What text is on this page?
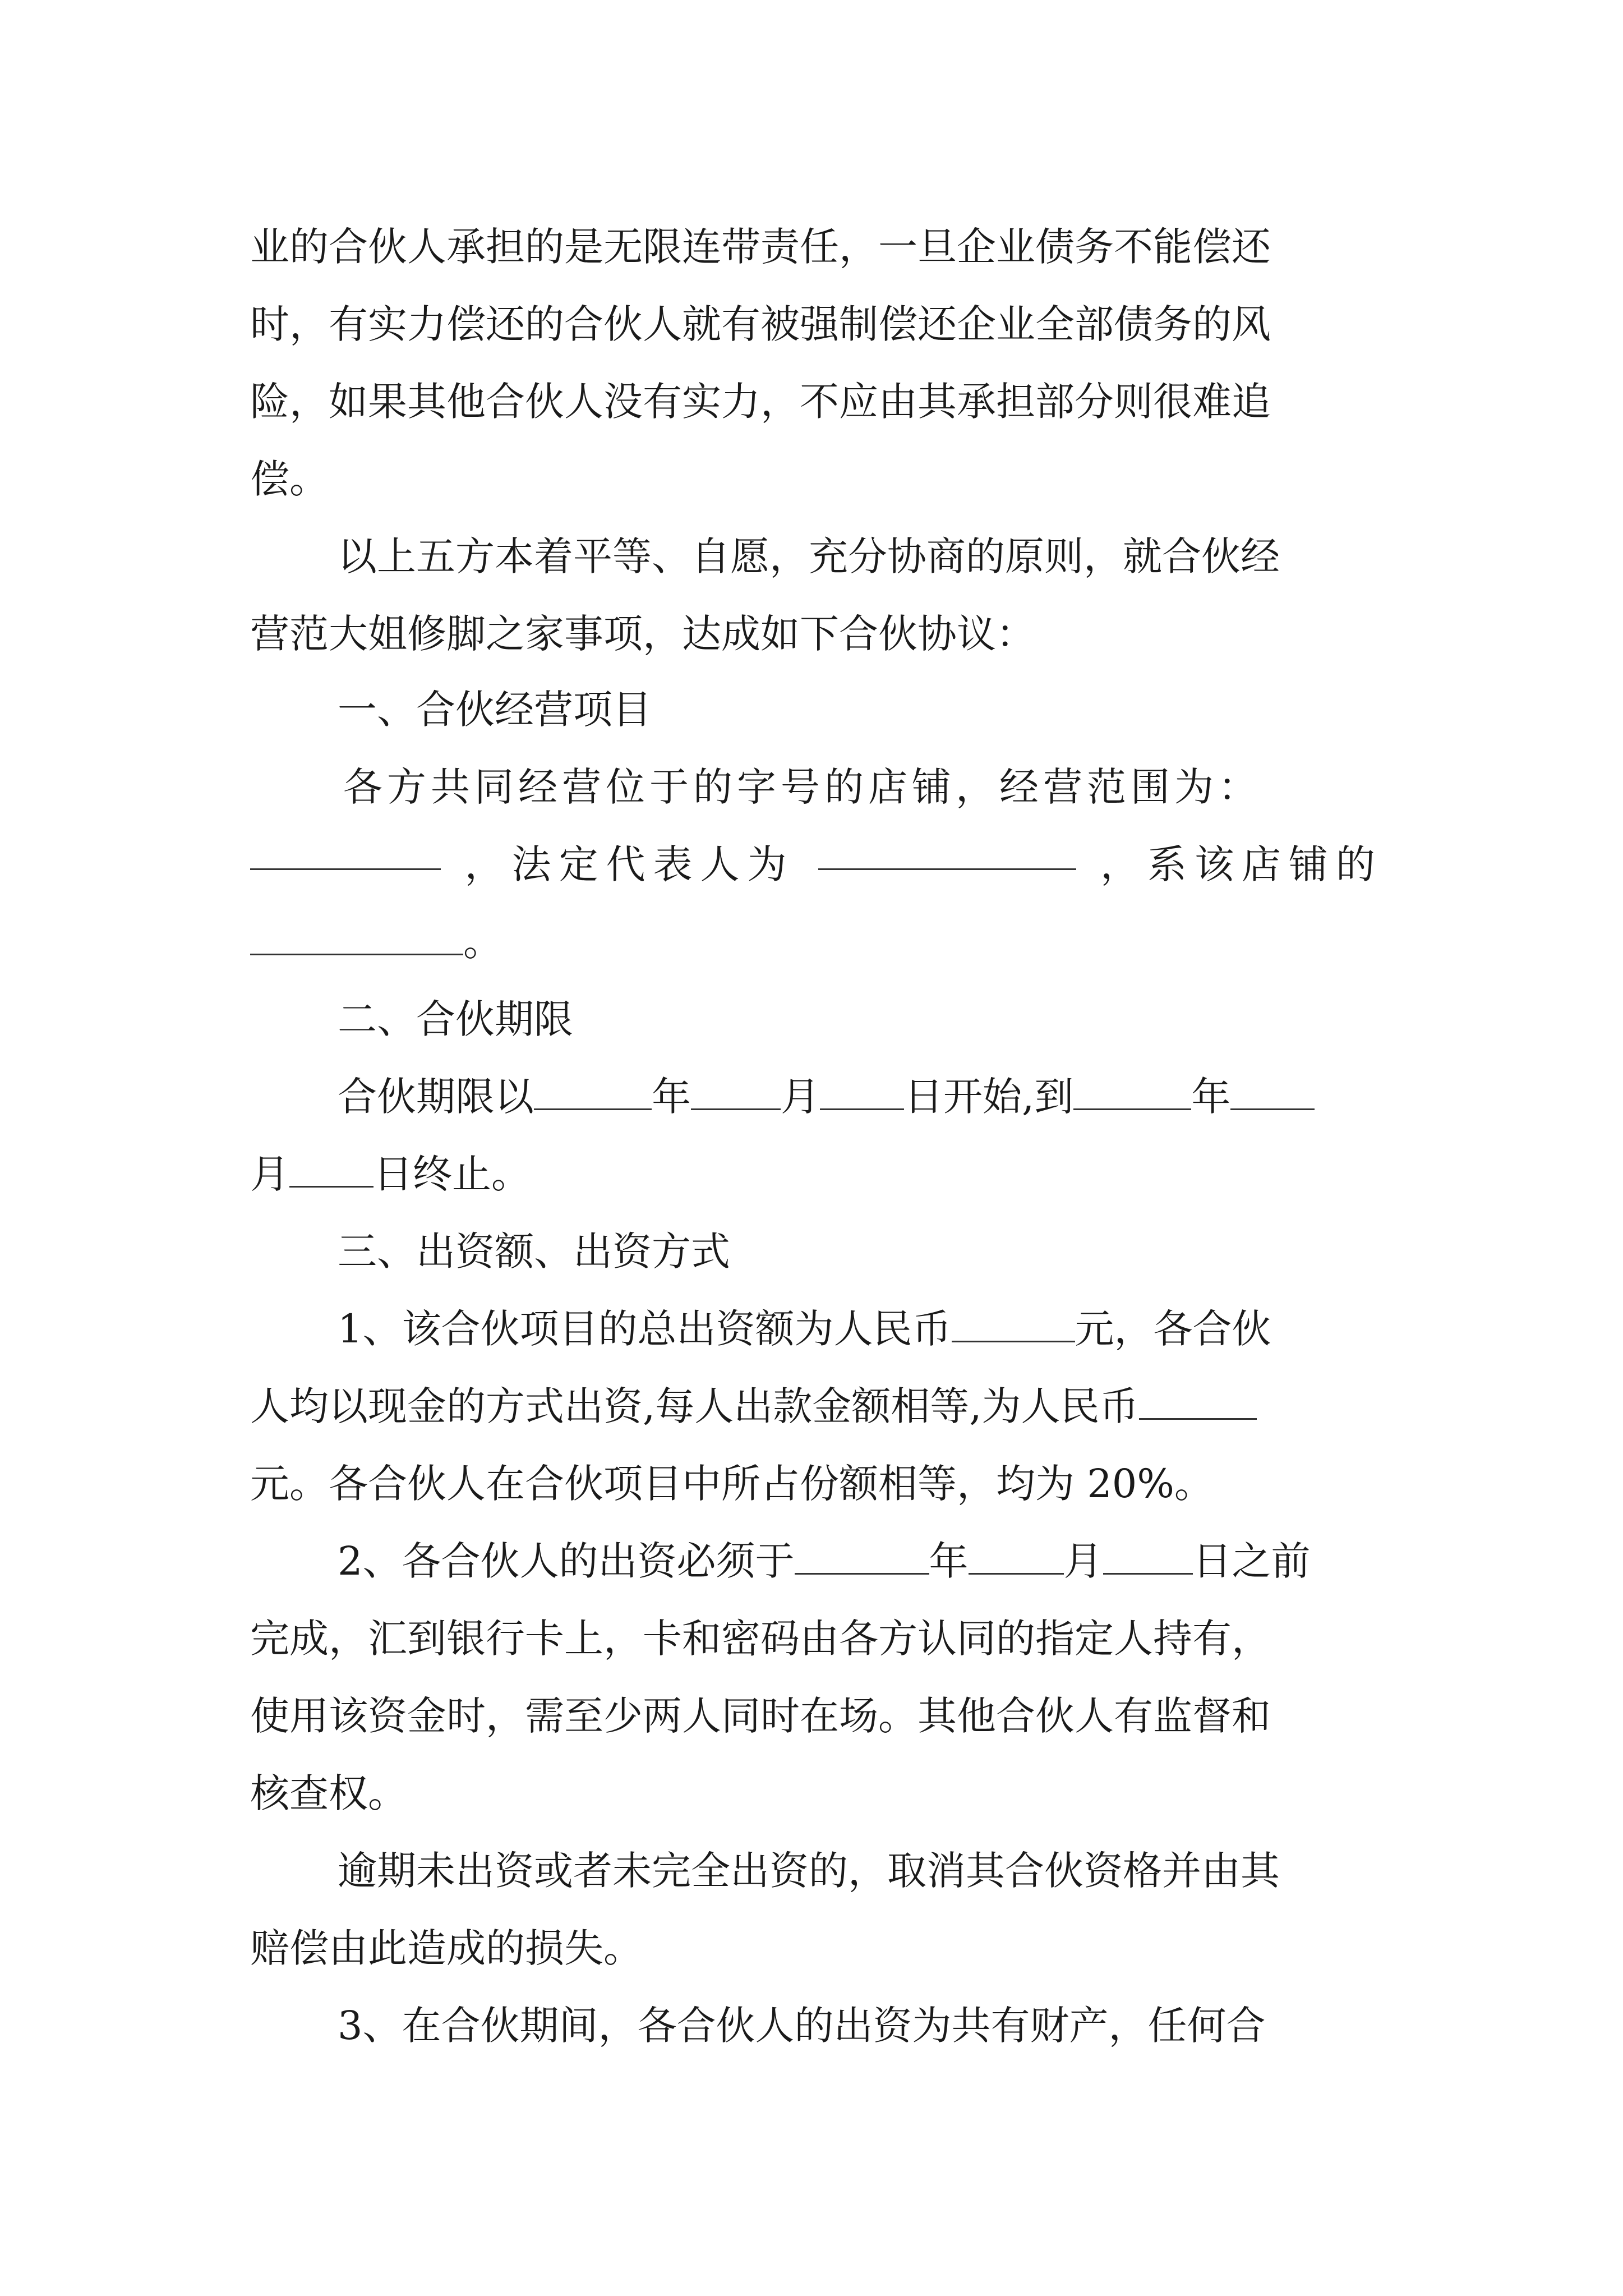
业的合伙人承担的是无限连带责任，一旦企业债务不能偿还
时，有实力偿还的合伙人就有被强制偿还企业全部债务的风
险，如果其他合伙人没有实力，不应由其承担部分则很难追
偿。
以上五方本着平等、自愿，充分协商的原则，就合伙经
营范大姐修脚之家事项，达成如下合伙协议：
一、合伙经营项目
各方共同经营位于的字号的店铺，经营范围为：
，法定代表人为	，系该店铺的
。
二、合伙期限
合伙期限以	年 月 日开始,到	年
月 日终止。
三、出资额、出资方式
1、该合伙项目的总出资额为人民币	元，各合伙
人均以现金的方式出资,每人出款金额相等,为人民币
元。各合伙人在合伙项目中所占份额相等，均为 20%。
2、各合伙人的出资必须于	年 月 日之前
完成，汇到银行卡上，卡和密码由各方认同的指定人持有，
使用该资金时，需至少两人同时在场。其他合伙人有监督和
核查权。
逾期未出资或者未完全出资的，取消其合伙资格并由其
赔偿由此造成的损失。
3、在合伙期间，各合伙人的出资为共有财产，任何合
